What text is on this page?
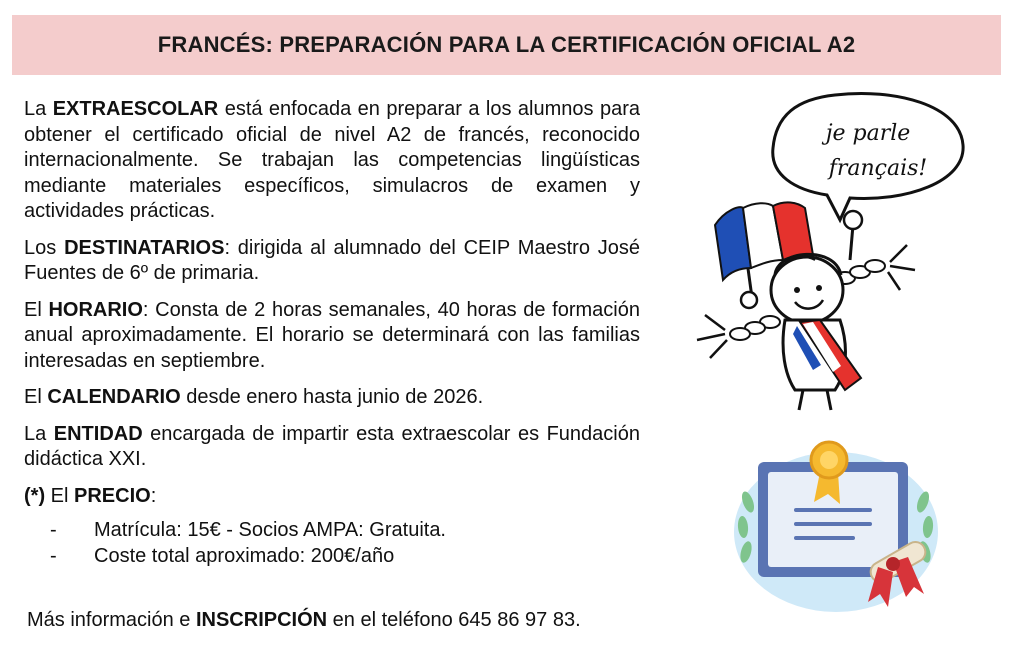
FRANCÉS: PREPARACIÓN PARA LA CERTIFICACIÓN OFICIAL A2

La EXTRAESCOLAR está enfocada en preparar a los alumnos para obtener el certificado oficial de nivel A2 de francés, reconocido internacionalmente. Se trabajan las competencias lingüísticas mediante materiales específicos, simulacros de examen y actividades prácticas.

Los DESTINATARIOS: dirigida al alumnado del CEIP Maestro José Fuentes de 6º de primaria.

El HORARIO: Consta de 2 horas semanales, 40 horas de formación anual aproximadamente. El horario se determinará con las familias interesadas en septiembre.

El CALENDARIO desde enero hasta junio de 2026.

La ENTIDAD encargada de impartir esta extraescolar es Fundación didáctica XXI.

(*) El PRECIO:

-	Matrícula: 15€ - Socios AMPA: Gratuita.
-	Coste total aproximado: 200€/año

Más información e INSCRIPCIÓN en el teléfono 645 86 97 83.

je parle
français!
